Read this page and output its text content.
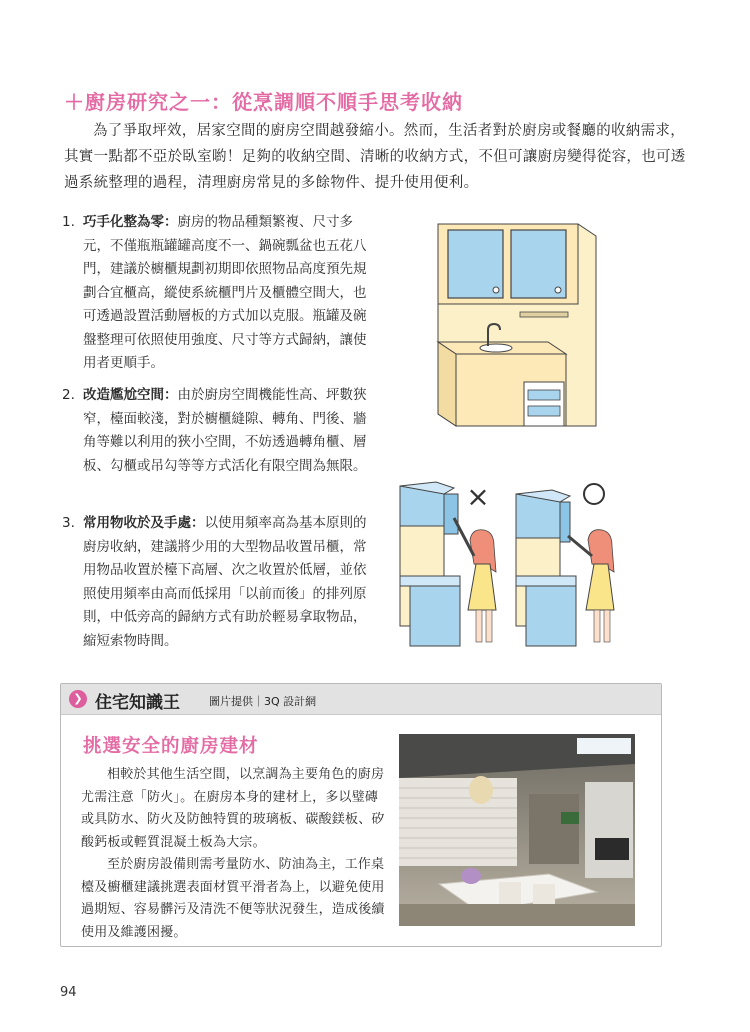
＋廚房研究之一：從烹調順不順手思考收納
為了爭取坪效，居家空間的廚房空間越發縮小。然而，生活者對於廚房或餐廳的收納需求，其實一點都不亞於臥室喲！足夠的收納空間、清晰的收納方式，不但可讓廚房變得從容，也可透過系統整理的過程，清理廚房常見的多餘物件、提升使用便利。
1. 巧手化整為零：廚房的物品種類繁複、尺寸多元，不僅瓶瓶罐罐高度不一、鍋碗瓢盆也五花八門，建議於櫥櫃規劃初期即依照物品高度預先規劃合宜櫃高，縱使系統櫃門片及櫃體空間大，也可透過設置活動層板的方式加以克服。瓶罐及碗盤整理可依照使用強度、尺寸等方式歸納，讓使用者更順手。
2. 改造尷尬空間：由於廚房空間機能性高、坪數狹窄，檯面較淺，對於櫥櫃縫隙、轉角、門後、牆角等難以利用的狹小空間，不妨透過轉角櫃、層板、勾櫃或吊勾等等方式活化有限空間為無限。
3. 常用物收於及手處：以使用頻率高為基本原則的廚房收納，建議將少用的大型物品收置吊櫃，常用物品收置於檯下高層、次之收置於低層，並依照使用頻率由高而低採用「以前而後」的排列原則，中低旁高的歸納方式有助於輕易拿取物品，縮短索物時間。
×
❯ 住宅知識王	圖片提供｜3Q 設計網
挑選安全的廚房建材

相較於其他生活空間，以烹調為主要角色的廚房尤需注意「防火」。在廚房本身的建材上，多以璧磚或具防水、防火及防蝕特質的玻璃板、碳酸鎂板、矽酸鈣板或輕質混凝土板為大宗。

至於廚房設備則需考量防水、防油為主，工作桌檯及櫥櫃建議挑選表面材質平滑者為上，以避免使用過期短、容易髒污及清洗不便等狀況發生，造成後續使用及維護困擾。

94
